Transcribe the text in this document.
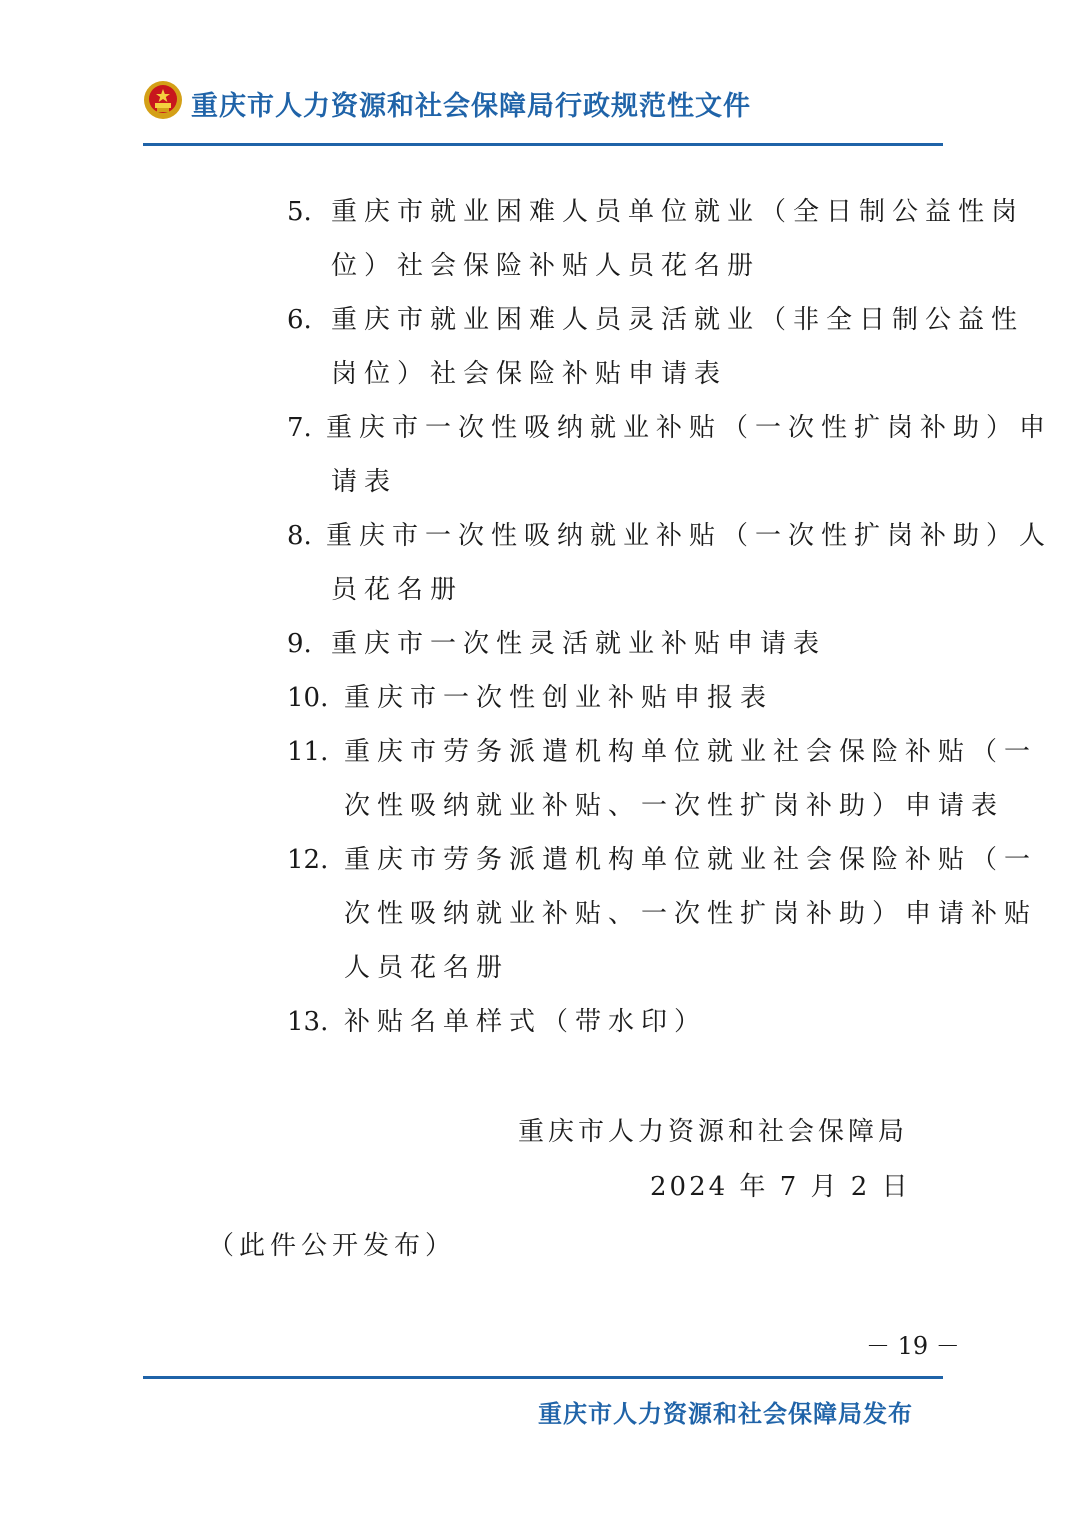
重庆市人力资源和社会保障局行政规范性文件
5. 重庆市就业困难人员单位就业（全日制公益性岗
位）社会保险补贴人员花名册
6. 重庆市就业困难人员灵活就业（非全日制公益性
岗位）社会保险补贴申请表
7. 重庆市一次性吸纳就业补贴（一次性扩岗补助）申
请表
8. 重庆市一次性吸纳就业补贴（一次性扩岗补助）人
员花名册
9. 重庆市一次性灵活就业补贴申请表
10. 重庆市一次性创业补贴申报表
11. 重庆市劳务派遣机构单位就业社会保险补贴（一
次性吸纳就业补贴、一次性扩岗补助）申请表
12. 重庆市劳务派遣机构单位就业社会保险补贴（一
次性吸纳就业补贴、一次性扩岗补助）申请补贴
人员花名册
13. 补贴名单样式（带水印）
重庆市人力资源和社会保障局
2024 年 7 月 2 日
（此件公开发布）
－ 19 －
重庆市人力资源和社会保障局发布
